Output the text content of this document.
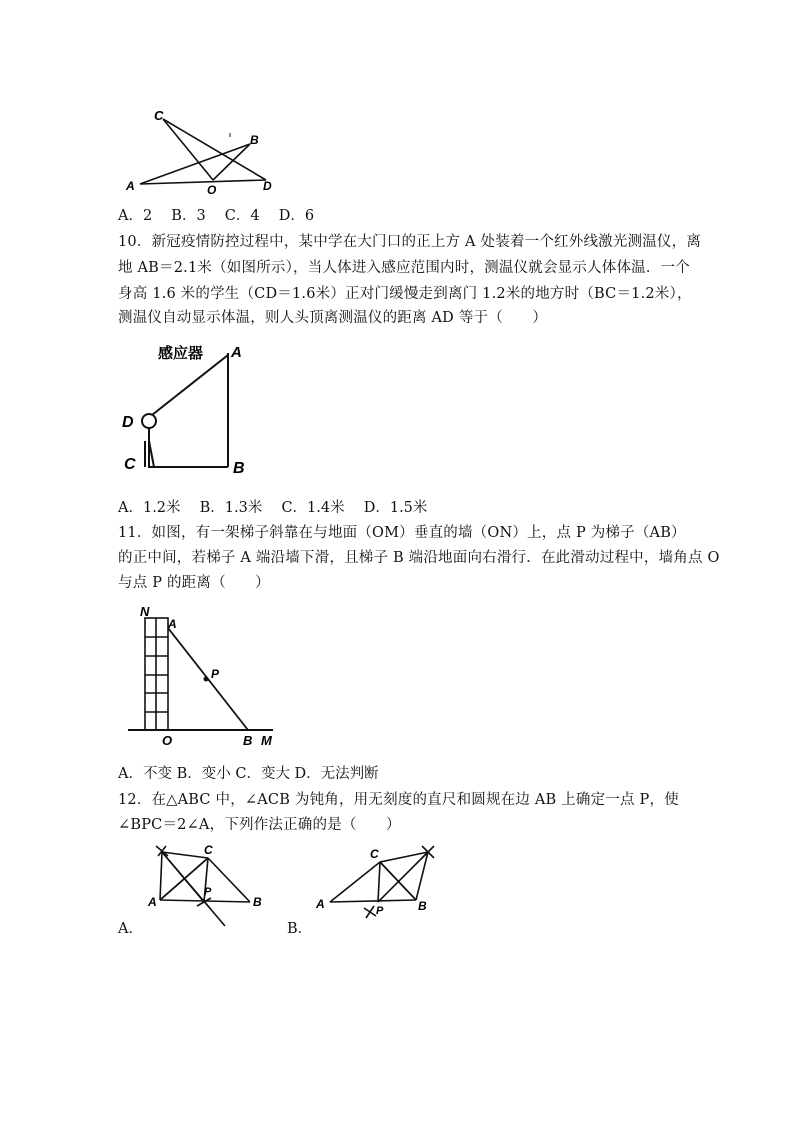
C
B
A	O	D
A．2　 B．3　 C．4　 D．6
10．新冠疫情防控过程中，某中学在大门口的正上方 A 处装着一个红外线激光测温仪，离
地 AB＝2.1米（如图所示），当人体进入感应范围内时，测温仪就会显示人体体温．一个
身高 1.6 米的学生（CD＝1.6米）正对门缓慢走到离门 1.2米的地方时（BC＝1.2米），
测温仪自动显示体温，则人头顶离测温仪的距离 AD 等于（　　）
感应器 A
D
C	B
A．1.2米　 B．1.3米　 C．1.4米　 D．1.5米
11．如图，有一架梯子斜靠在与地面（OM）垂直的墙（ON）上，点 P 为梯子（AB）
的正中间，若梯子 A 端沿墙下滑，且梯子 B 端沿地面向右滑行．在此滑动过程中，墙角点 O
与点 P 的距离（　　）
N
A
P
O	B M
A．不变 B．变小 C．变大 D．无法判断
12．在△ABC 中，∠ACB 为钝角，用无刻度的直尺和圆规在边 AB 上确定一点 P，使
∠BPC＝2∠A，下列作法正确的是（　　）
C
A	B
P
A．
C
A	B
P
B．
